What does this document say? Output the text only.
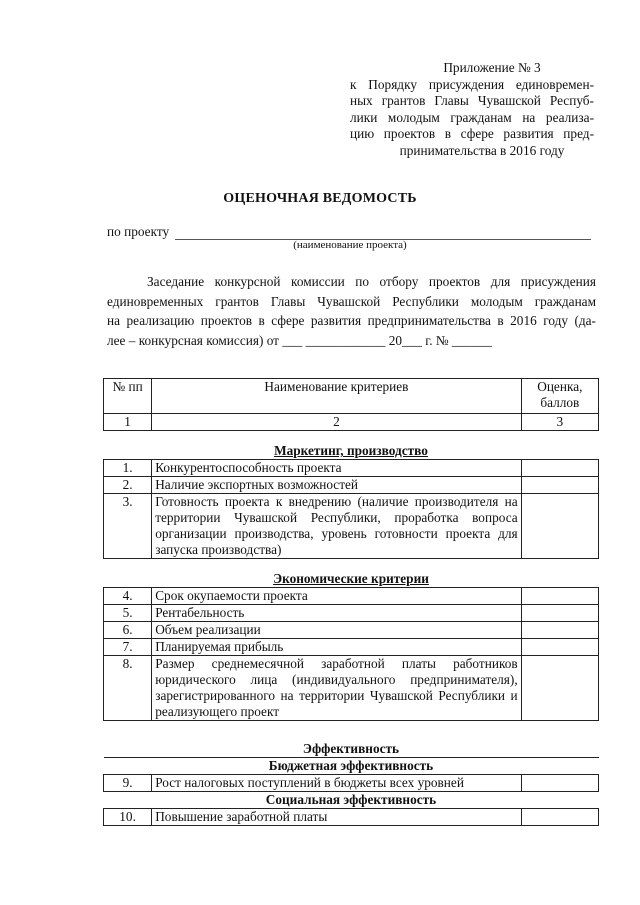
Приложение № 3
к Порядку присуждения единовремен-
ных грантов Главы Чувашской Респуб-
лики молодым гражданам на реализа-
цию проектов в сфере развития пред-
принимательства в 2016 году
ОЦЕНОЧНАЯ ВЕДОМОСТЬ
по проекту
(наименование проекта)
Заседание конкурсной комиссии по отбору проектов для присуждения
единовременных грантов Главы Чувашской Республики молодым гражданам
на реализацию проектов в сфере развития предпринимательства в 2016 году (да-
лее – конкурсная комиссия) от ___ ____________ 20___ г. № ______
№ пп	Наименование критериев	Оценка, баллов
1	2	3
Маркетинг, производство		
1.	Конкурентоспособность проекта	
2.	Наличие экспортных возможностей	
3.	Готовность проекта к внедрению (наличие производителя на территории Чувашской Республики, проработка вопроса организации производства, уровень готовности проекта для запуска производства)	
Экономические критерии		
4.	Срок окупаемости проекта	
5.	Рентабельность	
6.	Объем реализации	
7.	Планируемая прибыль	
8.	Размер среднемесячной заработной платы работников юридического лица (индивидуального предпринимателя), зарегистрированного на территории Чувашской Республики и реализующего проект	
Эффективность		
Бюджетная эффективность		
9.	Рост налоговых поступлений в бюджеты всех уровней	
Социальная эффективность		
10.	Повышение заработной платы	
